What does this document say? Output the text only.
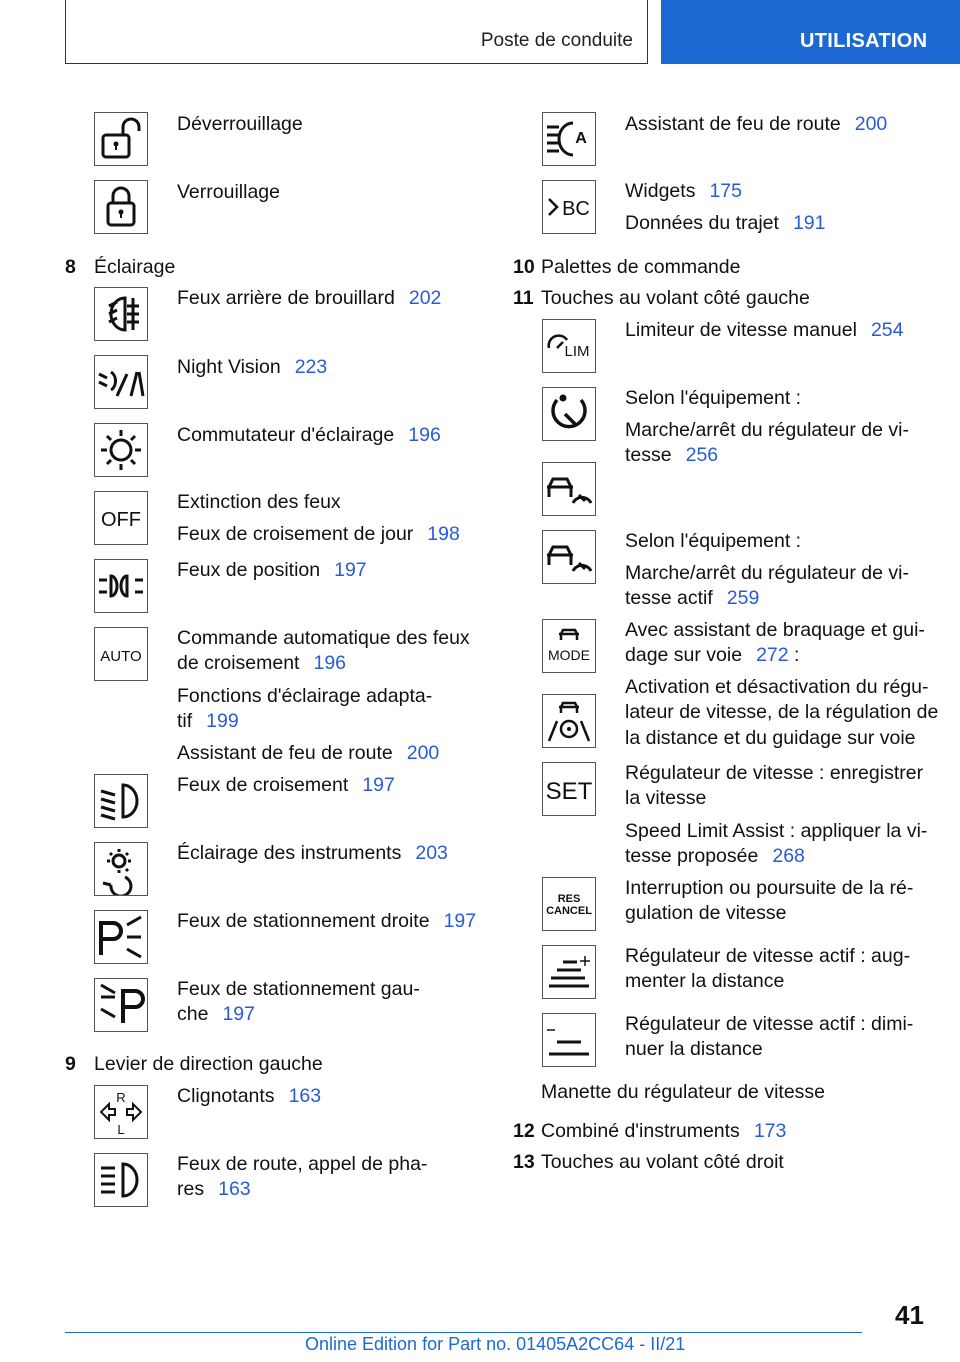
Poste de conduite	UTILISATION
Déverrouillage
Verrouillage
8 Éclairage
Feux arrière de brouillard 202
Night Vision 223
Commutateur d'éclairage 196
OFF
Extinction des feux
Feux de croisement de jour 198
Feux de position 197
AUTO
Commande automatique des feux
de croisement 196
Fonctions d'éclairage adapta-
tif 199
Assistant de feu de route 200
Feux de croisement 197
Éclairage des instruments 203
Feux de stationnement droite 197
Feux de stationnement gau-
che 197
9 Levier de direction gauche
R
L
Clignotants 163
Feux de route, appel de pha-
res 163
A
Assistant de feu de route 200
BC
Widgets 175
Données du trajet 191
10 Palettes de commande
11 Touches au volant côté gauche
LIM
Limiteur de vitesse manuel 254
Selon l'équipement :
Marche/arrêt du régulateur de vi-
tesse 256
Selon l'équipement :
Marche/arrêt du régulateur de vi-
tesse actif 259
MODE
Avec assistant de braquage et gui-
dage sur voie 272 :
Activation et désactivation du régu-
lateur de vitesse, de la régulation de
la distance et du guidage sur voie
SET
Régulateur de vitesse : enregistrer
la vitesse
Speed Limit Assist : appliquer la vi-
tesse proposée 268
RES
CANCEL
Interruption ou poursuite de la ré-
gulation de vitesse
Régulateur de vitesse actif : aug-
menter la distance
Régulateur de vitesse actif : dimi-
nuer la distance
Manette du régulateur de vitesse
12 Combiné d'instruments 173
13 Touches au volant côté droit
41
Online Edition for Part no. 01405A2CC64 - II/21
